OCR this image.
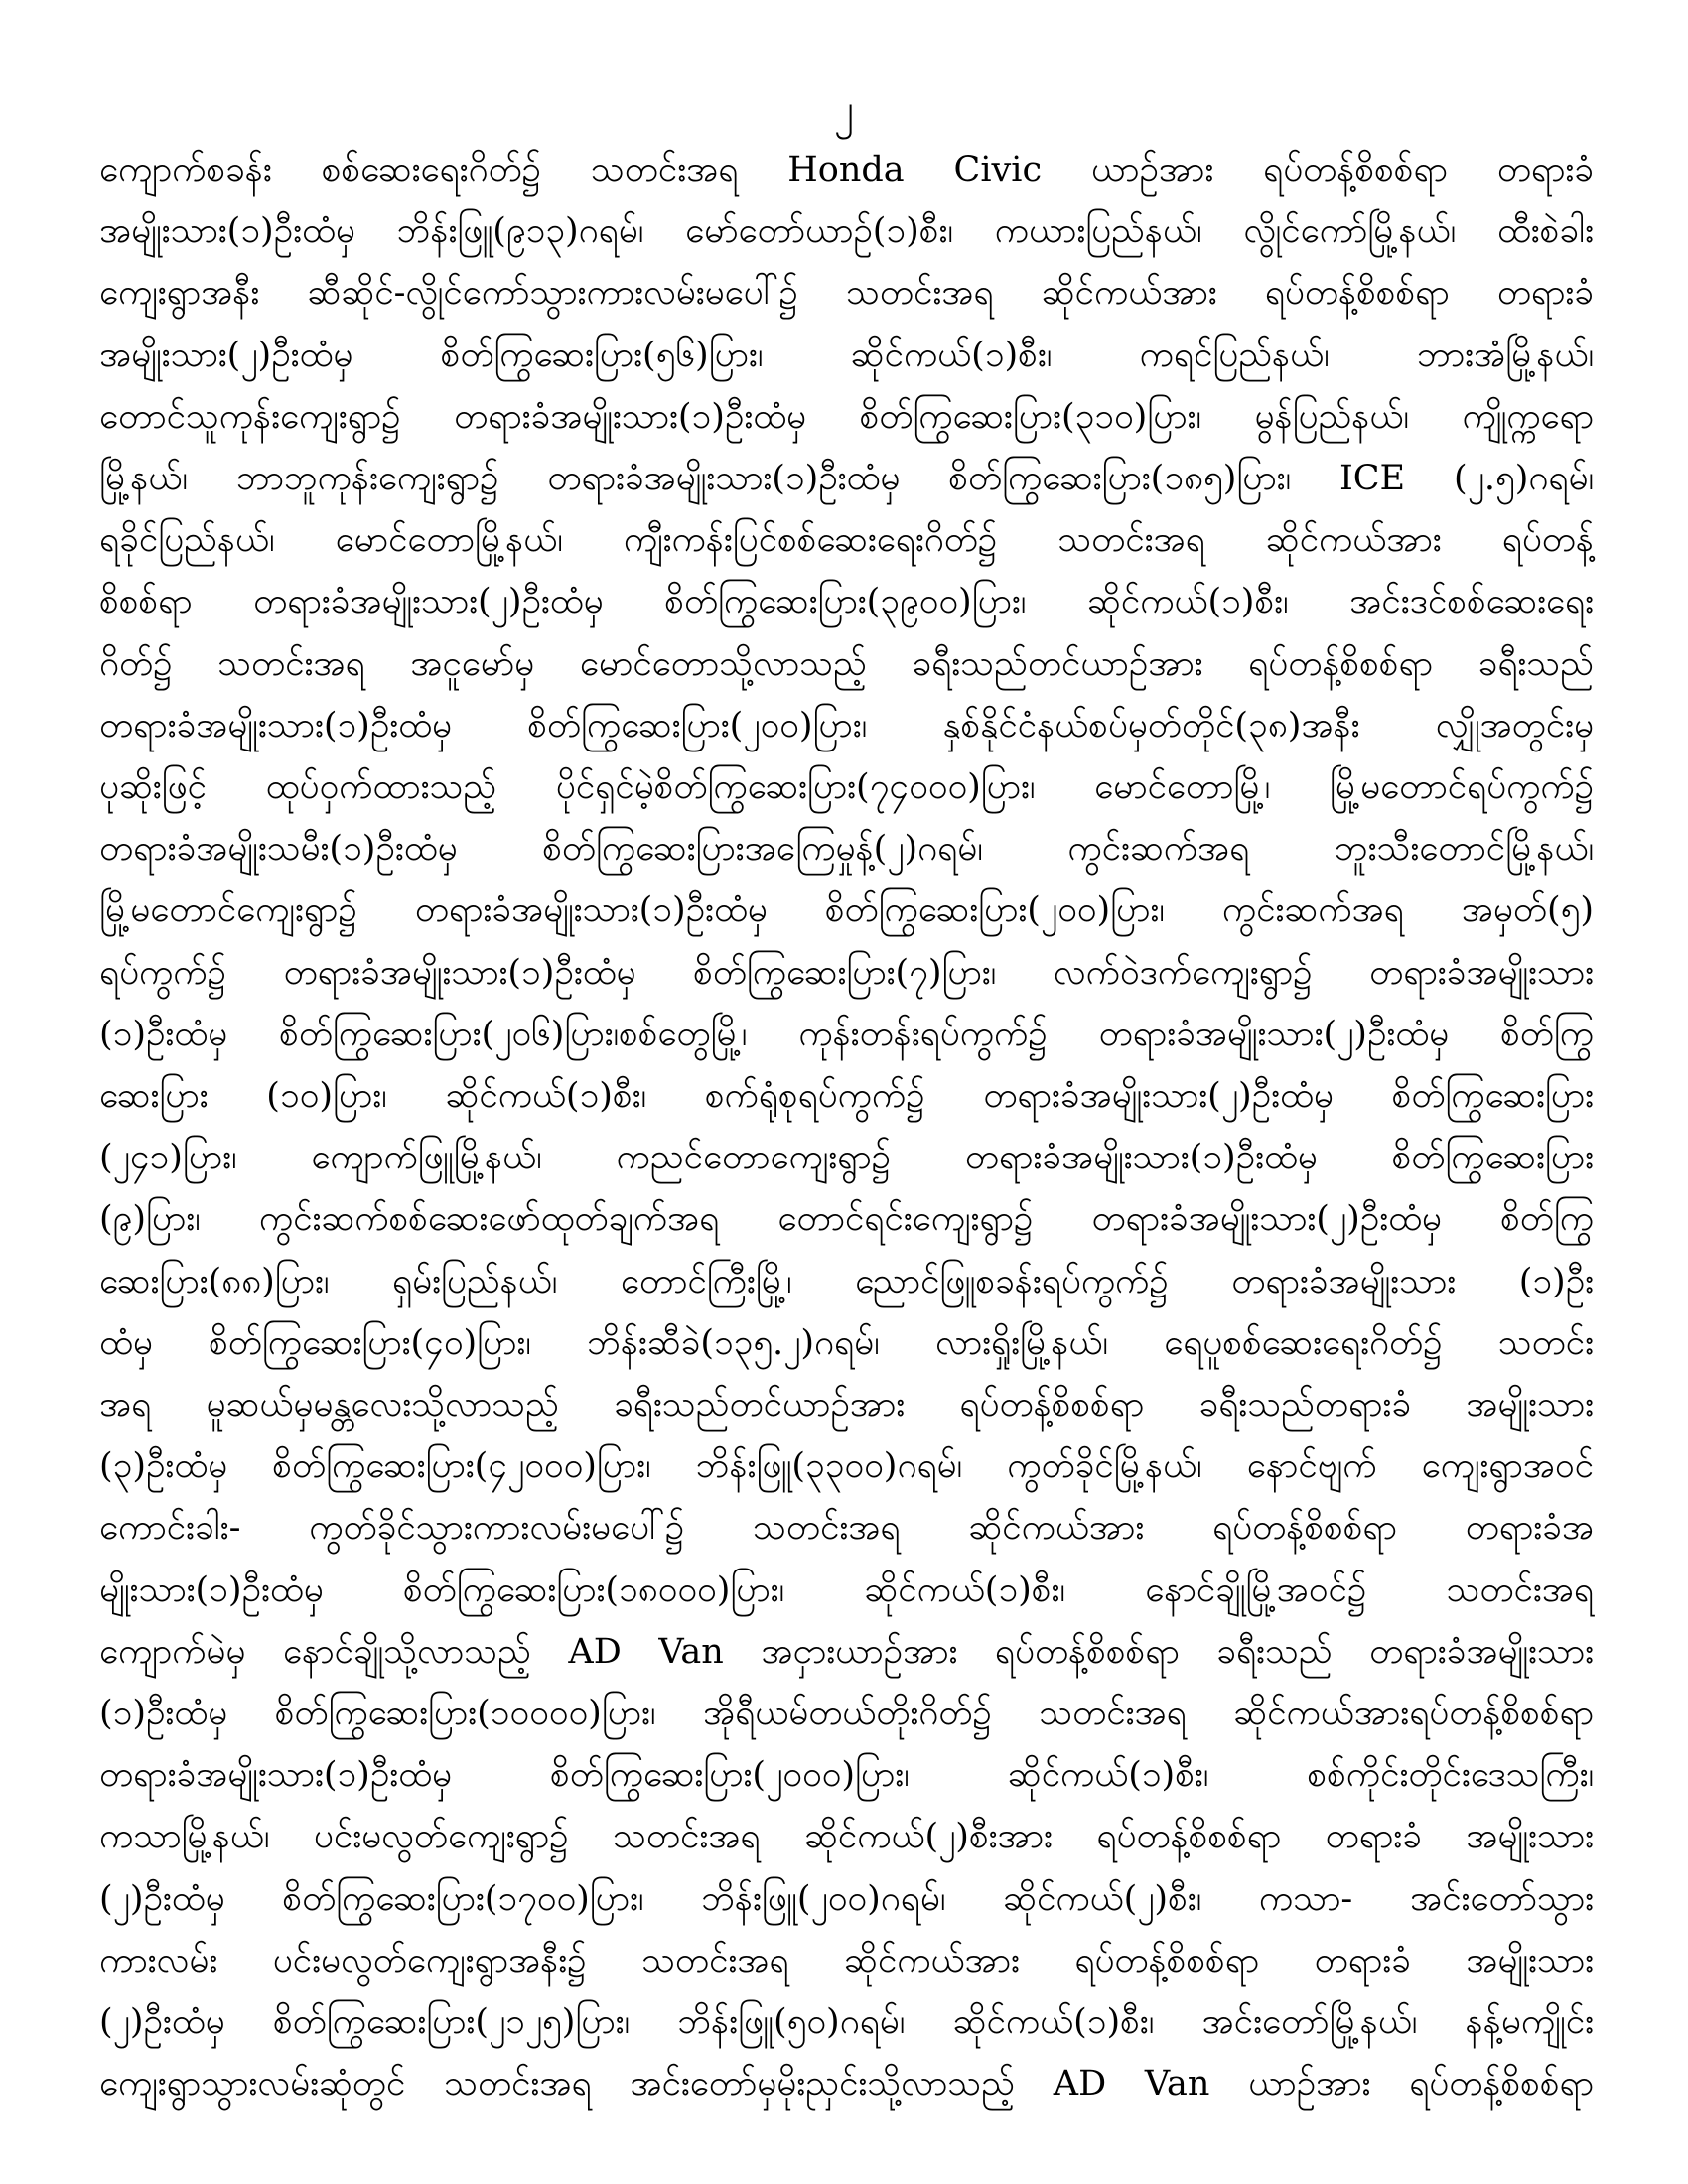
၂
ကျောက်စခန်း စစ်ဆေးရေးဂိတ်၌ သတင်းအရ Honda Civic ယာဉ်အား ရပ်တန့်စိစစ်ရာ တရားခံ
အမျိုးသား(၁)ဦးထံမှ ဘိန်းဖြူ(၉၁၃)ဂရမ်၊ မော်တော်ယာဉ်(၁)စီး၊ ကယားပြည်နယ်၊ လွိုင်ကော်မြို့နယ်၊ ထီးစဲခါး
ကျေးရွာအနီး ဆီဆိုင်-လွိုင်ကော်သွားကားလမ်းမပေါ်၌ သတင်းအရ ဆိုင်ကယ်အား ရပ်တန့်စိစစ်ရာ တရားခံ
အမျိုးသား(၂)ဦးထံမှ စိတ်ကြွဆေးပြား(၅၆)ပြား၊ ဆိုင်ကယ်(၁)စီး၊ ကရင်ပြည်နယ်၊ ဘားအံမြို့နယ်၊
တောင်သူကုန်းကျေးရွာ၌ တရားခံအမျိုးသား(၁)ဦးထံမှ စိတ်ကြွဆေးပြား(၃၁၀)ပြား၊ မွန်ပြည်နယ်၊ ကျိုက္ကရော
မြို့နယ်၊ ဘာဘူကုန်းကျေးရွာ၌ တရားခံအမျိုးသား(၁)ဦးထံမှ စိတ်ကြွဆေးပြား(၁၈၅)ပြား၊ ICE (၂.၅)ဂရမ်၊
ရခိုင်ပြည်နယ်၊ မောင်တောမြို့နယ်၊ ကျီးကန်းပြင်စစ်ဆေးရေးဂိတ်၌ သတင်းအရ ဆိုင်ကယ်အား ရပ်တန့်
စိစစ်ရာ တရားခံအမျိုးသား(၂)ဦးထံမှ စိတ်ကြွဆေးပြား(၃၉၀၀)ပြား၊ ဆိုင်ကယ်(၁)စီး၊ အင်းဒင်စစ်ဆေးရေး
ဂိတ်၌ သတင်းအရ အငူမော်မှ မောင်တောသို့လာသည့် ခရီးသည်တင်ယာဉ်အား ရပ်တန့်စိစစ်ရာ ခရီးသည်
တရားခံအမျိုးသား(၁)ဦးထံမှ စိတ်ကြွဆေးပြား(၂၀၀)ပြား၊ နှစ်နိုင်ငံနယ်စပ်မှတ်တိုင်(၃၈)အနီး လျှိုအတွင်းမှ
ပုဆိုးဖြင့် ထုပ်ဝှက်ထားသည့် ပိုင်ရှင်မဲ့စိတ်ကြွဆေးပြား(၇၄၀၀၀)ပြား၊ မောင်တောမြို့၊ မြို့မတောင်ရပ်ကွက်၌
တရားခံအမျိုးသမီး(၁)ဦးထံမှ စိတ်ကြွဆေးပြားအကြေမှုန့်(၂)ဂရမ်၊ ကွင်းဆက်အရ ဘူးသီးတောင်မြို့နယ်၊
မြို့မတောင်ကျေးရွာ၌ တရားခံအမျိုးသား(၁)ဦးထံမှ စိတ်ကြွဆေးပြား(၂၀၀)ပြား၊ ကွင်းဆက်အရ အမှတ်(၅)
ရပ်ကွက်၌ တရားခံအမျိုးသား(၁)ဦးထံမှ စိတ်ကြွဆေးပြား(၇)ပြား၊ လက်ဝဲဒက်ကျေးရွာ၌ တရားခံအမျိုးသား
(၁)ဦးထံမှ စိတ်ကြွဆေးပြား(၂၀၆)ပြား၊စစ်တွေမြို့၊ ကုန်းတန်းရပ်ကွက်၌ တရားခံအမျိုးသား(၂)ဦးထံမှ စိတ်ကြွ
ဆေးပြား (၁၀)ပြား၊ ဆိုင်ကယ်(၁)စီး၊ စက်ရုံစုရပ်ကွက်၌ တရားခံအမျိုးသား(၂)ဦးထံမှ စိတ်ကြွဆေးပြား
(၂၄၁)ပြား၊ ကျောက်ဖြူမြို့နယ်၊ ကညင်တောကျေးရွာ၌ တရားခံအမျိုးသား(၁)ဦးထံမှ စိတ်ကြွဆေးပြား
(၉)ပြား၊ ကွင်းဆက်စစ်ဆေးဖော်ထုတ်ချက်အရ တောင်ရင်းကျေးရွာ၌ တရားခံအမျိုးသား(၂)ဦးထံမှ စိတ်ကြွ
ဆေးပြား(၈၈)ပြား၊ ရှမ်းပြည်နယ်၊ တောင်ကြီးမြို့၊ ညောင်ဖြူစခန်းရပ်ကွက်၌ တရားခံအမျိုးသား (၁)ဦး
ထံမှ စိတ်ကြွဆေးပြား(၄၀)ပြား၊ ဘိန်းဆီခဲ(၁၃၅.၂)ဂရမ်၊ လားရှိုးမြို့နယ်၊ ရေပူစစ်ဆေးရေးဂိတ်၌ သတင်း
အရ မူဆယ်မှမန္တလေးသို့လာသည့် ခရီးသည်တင်ယာဉ်အား ရပ်တန့်စိစစ်ရာ ခရီးသည်တရားခံ အမျိုးသား
(၃)ဦးထံမှ စိတ်ကြွဆေးပြား(၄၂၀၀၀)ပြား၊ ဘိန်းဖြူ(၃၃၀၀)ဂရမ်၊ ကွတ်ခိုင်မြို့နယ်၊ နောင်ဗျက် ကျေးရွာအဝင်
ကောင်းခါး- ကွတ်ခိုင်သွားကားလမ်းမပေါ်၌ သတင်းအရ ဆိုင်ကယ်အား ရပ်တန့်စိစစ်ရာ တရားခံအ
မျိုးသား(၁)ဦးထံမှ စိတ်ကြွဆေးပြား(၁၈၀၀၀)ပြား၊ ဆိုင်ကယ်(၁)စီး၊ နောင်ချိုမြို့အဝင်၌ သတင်းအရ
ကျောက်မဲမှ နောင်ချိုသို့လာသည့် AD Van အငှားယာဉ်အား ရပ်တန့်စိစစ်ရာ ခရီးသည် တရားခံအမျိုးသား
(၁)ဦးထံမှ စိတ်ကြွဆေးပြား(၁၀၀၀၀)ပြား၊ အိုရီယမ်တယ်တိုးဂိတ်၌ သတင်းအရ ဆိုင်ကယ်အားရပ်တန့်စိစစ်ရာ
တရားခံအမျိုးသား(၁)ဦးထံမှ စိတ်ကြွဆေးပြား(၂၀၀၀)ပြား၊ ဆိုင်ကယ်(၁)စီး၊ စစ်ကိုင်းတိုင်းဒေသကြီး၊
ကသာမြို့နယ်၊ ပင်းမလွတ်ကျေးရွာ၌ သတင်းအရ ဆိုင်ကယ်(၂)စီးအား ရပ်တန့်စိစစ်ရာ တရားခံ အမျိုးသား
(၂)ဦးထံမှ စိတ်ကြွဆေးပြား(၁၇၀၀)ပြား၊ ဘိန်းဖြူ(၂၀၀)ဂရမ်၊ ဆိုင်ကယ်(၂)စီး၊ ကသာ- အင်းတော်သွား
ကားလမ်း ပင်းမလွတ်ကျေးရွာအနီး၌ သတင်းအရ ဆိုင်ကယ်အား ရပ်တန့်စိစစ်ရာ တရားခံ အမျိုးသား
(၂)ဦးထံမှ စိတ်ကြွဆေးပြား(၂၁၂၅)ပြား၊ ဘိန်းဖြူ(၅၀)ဂရမ်၊ ဆိုင်ကယ်(၁)စီး၊ အင်းတော်မြို့နယ်၊ နန့်မကျိုင်း
ကျေးရွာသွားလမ်းဆုံတွင် သတင်းအရ အင်းတော်မှမိုးညှင်းသို့လာသည့် AD Van ယာဉ်အား ရပ်တန့်စိစစ်ရာ
